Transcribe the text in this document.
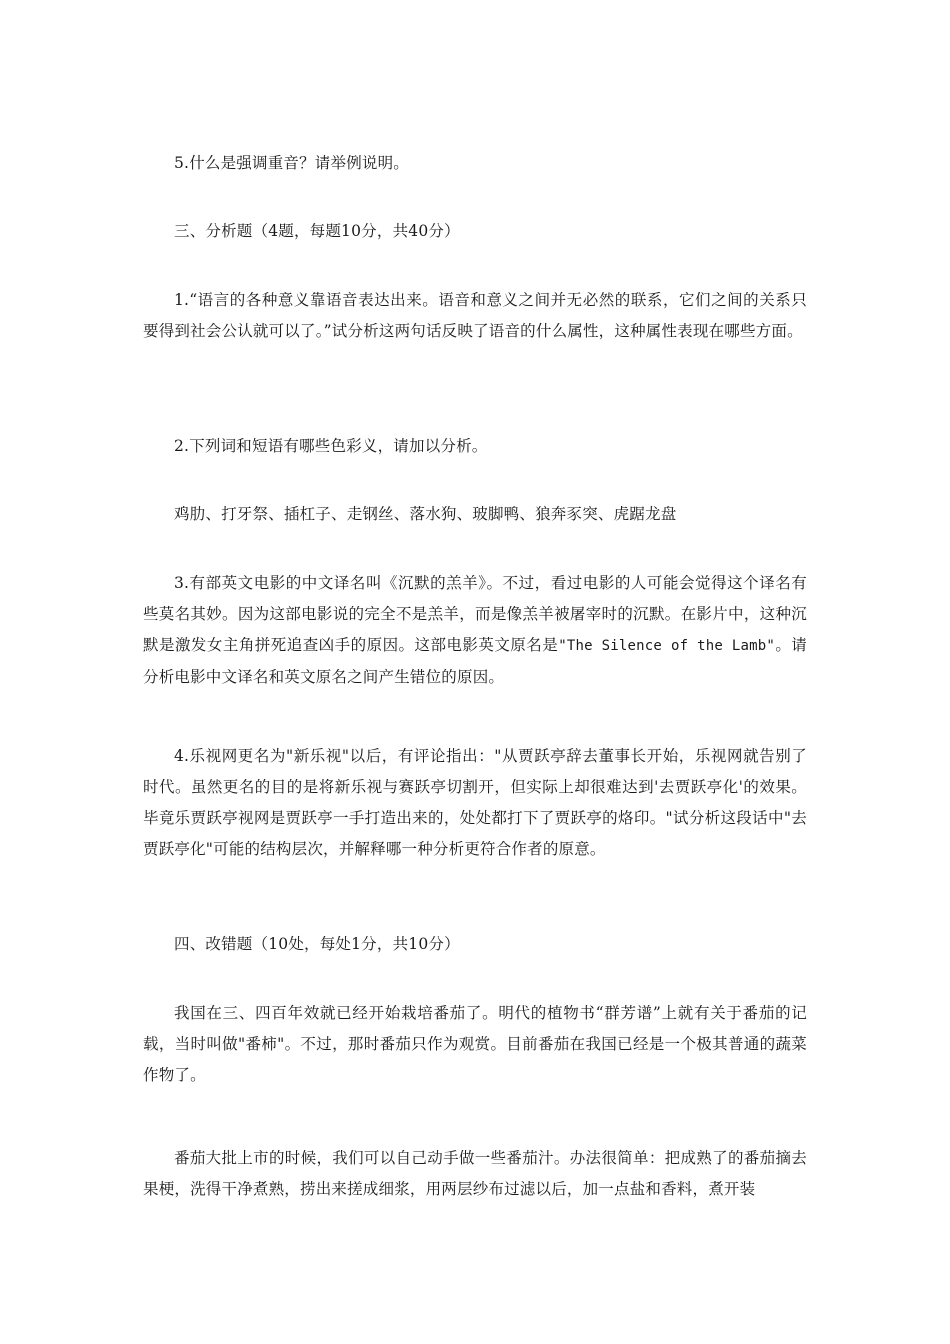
5.什么是强调重音？请举例说明。

三、分析题（4题，每题10分，共40分）

1.“语言的各种意义靠语音表达出来。语音和意义之间并无必然的联系，它们之间的关系只要得到社会公认就可以了。”试分析这两句话反映了语音的什么属性，这种属性表现在哪些方面。

2.下列词和短语有哪些色彩义，请加以分析。

鸡肋、打牙祭、插杠子、走钢丝、落水狗、玻脚鸭、狼奔豕突、虎踞龙盘

3.有部英文电影的中文译名叫《沉默的羔羊》。不过，看过电影的人可能会觉得这个译名有些莫名其妙。因为这部电影说的完全不是羔羊，而是像羔羊被屠宰时的沉默。在影片中，这种沉默是激发女主角拼死追查凶手的原因。这部电影英文原名是"The Silence of the Lamb"。请分析电影中文译名和英文原名之间产生错位的原因。

4.乐视网更名为"新乐视"以后，有评论指出："从贾跃亭辞去董事长开始，乐视网就告别了时代。虽然更名的目的是将新乐视与赛跃亭切割开，但实际上却很难达到'去贾跃亭化'的效果。毕竟乐贾跃亭视网是贾跃亭一手打造出来的，处处都打下了贾跃亭的烙印。"试分析这段话中"去贾跃亭化"可能的结构层次，并解释哪一种分析更符合作者的原意。

四、改错题（10处，每处1分，共10分）

我国在三、四百年效就已经开始栽培番茄了。明代的植物书“群芳谱”上就有关于番茄的记载，当时叫做"番柿"。不过，那时番茄只作为观赏。目前番茄在我国已经是一个极其普通的蔬菜作物了。

番茄大批上市的时候，我们可以自己动手做一些番茄汁。办法很简单：把成熟了的番茄摘去果梗，洗得干净煮熟，捞出来搓成细浆，用两层纱布过滤以后，加一点盐和香料，煮开装
